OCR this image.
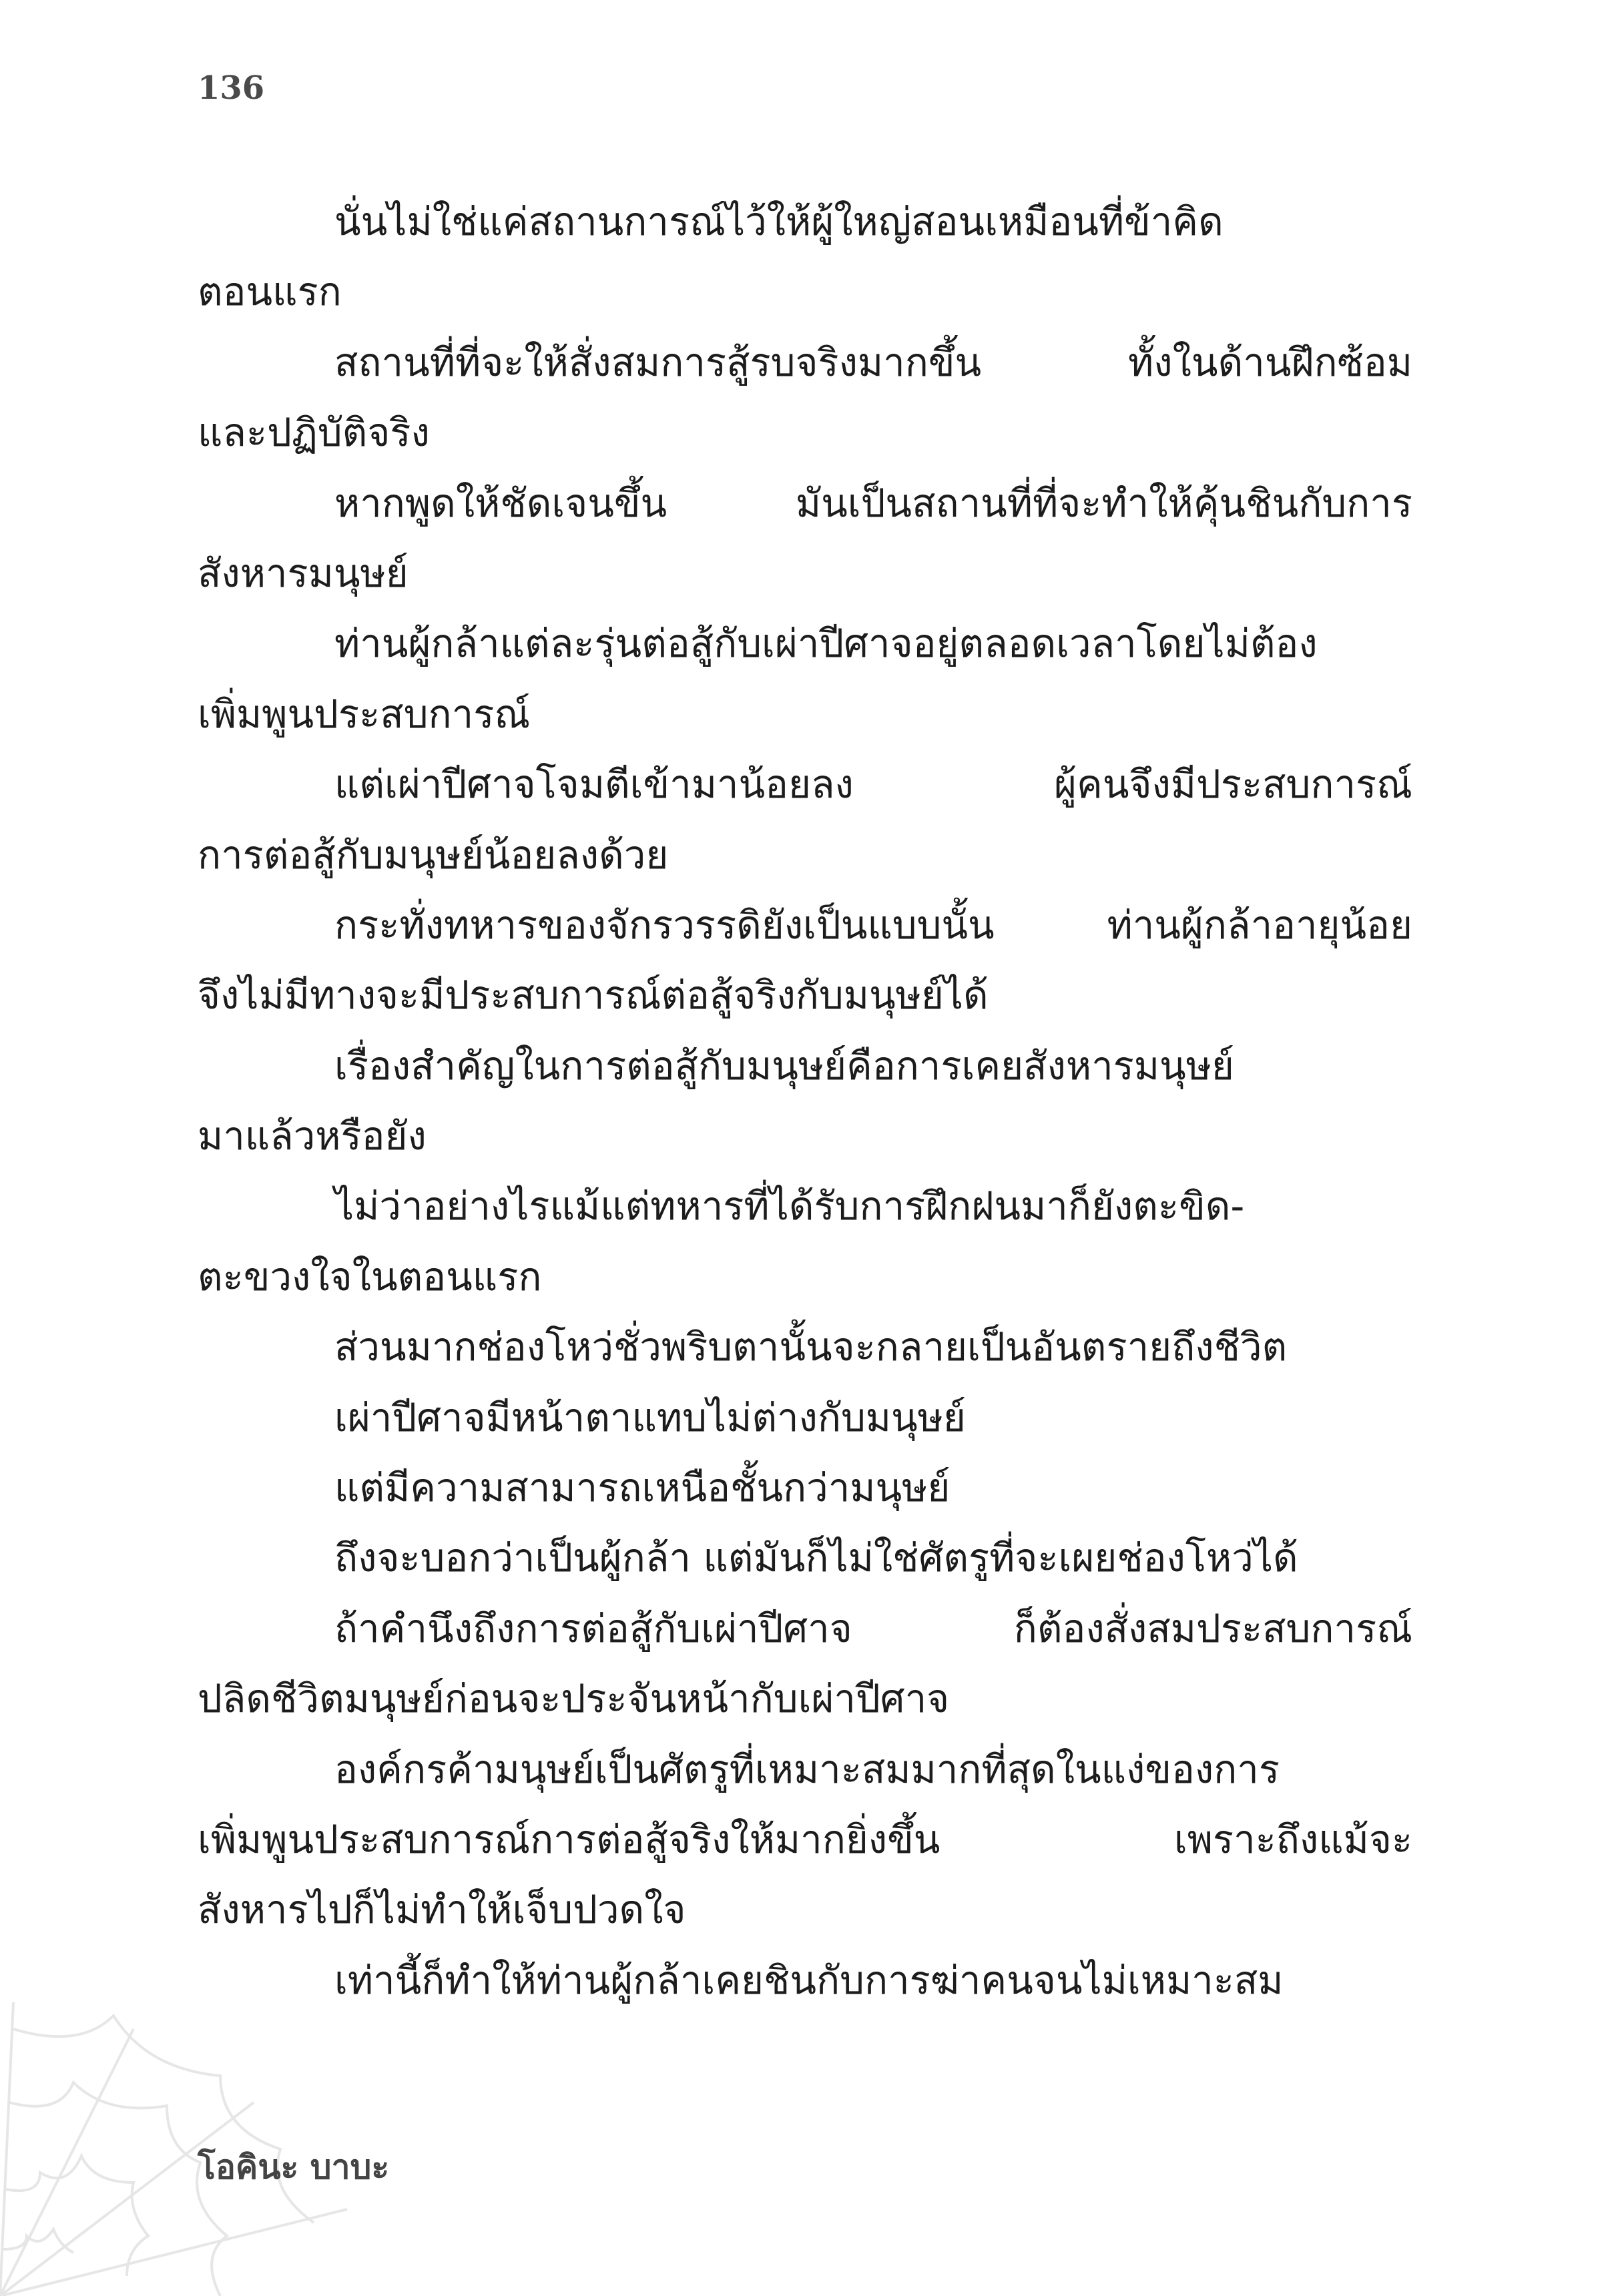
136
นั่นไม่ใช่แค่สถานการณ์ไว้ให้ผู้ใหญ่สอนเหมือนที่ข้าคิด
ตอนแรก
สถานที่ที่จะให้สั่งสมการสู้รบจริงมากขึ้น ทั้งในด้านฝึกซ้อม
และปฏิบัติจริง
หากพูดให้ชัดเจนขึ้น มันเป็นสถานที่ที่จะทำให้คุ้นชินกับการ
สังหารมนุษย์
ท่านผู้กล้าแต่ละรุ่นต่อสู้กับเผ่าปีศาจอยู่ตลอดเวลาโดยไม่ต้อง
เพิ่มพูนประสบการณ์
แต่เผ่าปีศาจโจมตีเข้ามาน้อยลง ผู้คนจึงมีประสบการณ์
การต่อสู้กับมนุษย์น้อยลงด้วย
กระทั่งทหารของจักรวรรดิยังเป็นแบบนั้น ท่านผู้กล้าอายุน้อย
จึงไม่มีทางจะมีประสบการณ์ต่อสู้จริงกับมนุษย์ได้
เรื่องสำคัญในการต่อสู้กับมนุษย์คือการเคยสังหารมนุษย์
มาแล้วหรือยัง
ไม่ว่าอย่างไรแม้แต่ทหารที่ได้รับการฝึกฝนมาก็ยังตะขิด-
ตะขวงใจในตอนแรก
ส่วนมากช่องโหว่ชั่วพริบตานั้นจะกลายเป็นอันตรายถึงชีวิต
เผ่าปีศาจมีหน้าตาแทบไม่ต่างกับมนุษย์
แต่มีความสามารถเหนือชั้นกว่ามนุษย์
ถึงจะบอกว่าเป็นผู้กล้า แต่มันก็ไม่ใช่ศัตรูที่จะเผยช่องโหว่ได้
ถ้าคำนึงถึงการต่อสู้กับเผ่าปีศาจ ก็ต้องสั่งสมประสบการณ์
ปลิดชีวิตมนุษย์ก่อนจะประจันหน้ากับเผ่าปีศาจ
องค์กรค้ามนุษย์เป็นศัตรูที่เหมาะสมมากที่สุดในแง่ของการ
เพิ่มพูนประสบการณ์การต่อสู้จริงให้มากยิ่งขึ้น เพราะถึงแม้จะ
สังหารไปก็ไม่ทำให้เจ็บปวดใจ
เท่านี้ก็ทำให้ท่านผู้กล้าเคยชินกับการฆ่าคนจนไม่เหมาะสม
โอคินะ บาบะ
